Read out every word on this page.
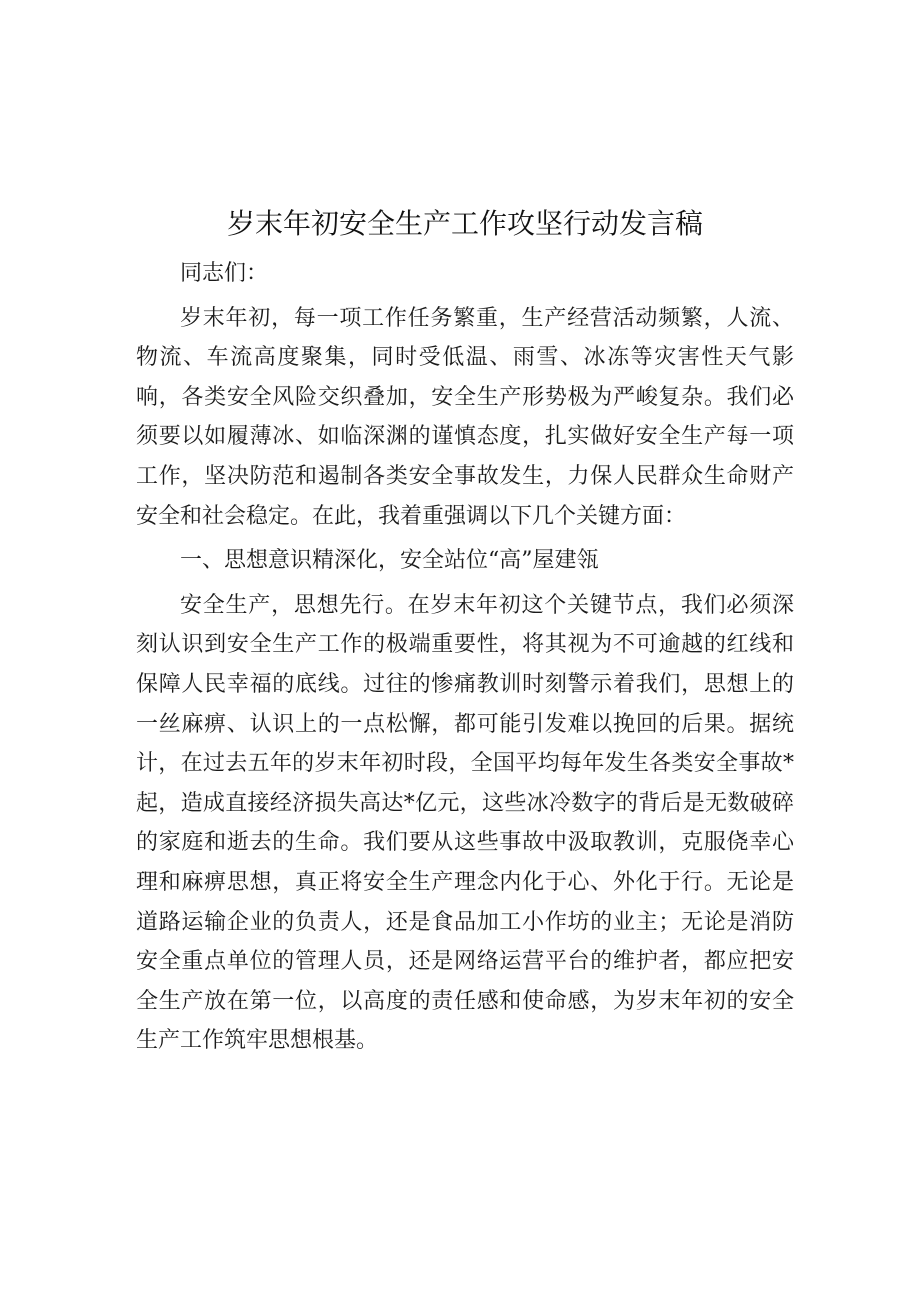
岁末年初安全生产工作攻坚行动发言稿

同志们：

岁末年初，每一项工作任务繁重，生产经营活动频繁，人流、物流、车流高度聚集，同时受低温、雨雪、冰冻等灾害性天气影响，各类安全风险交织叠加，安全生产形势极为严峻复杂。我们必须要以如履薄冰、如临深渊的谨慎态度，扎实做好安全生产每一项工作，坚决防范和遏制各类安全事故发生，力保人民群众生命财产安全和社会稳定。在此，我着重强调以下几个关键方面：

一、思想意识精深化，安全站位“高”屋建瓴

安全生产，思想先行。在岁末年初这个关键节点，我们必须深刻认识到安全生产工作的极端重要性，将其视为不可逾越的红线和保障人民幸福的底线。过往的惨痛教训时刻警示着我们，思想上的一丝麻痹、认识上的一点松懈，都可能引发难以挽回的后果。据统计，在过去五年的岁末年初时段，全国平均每年发生各类安全事故*起，造成直接经济损失高达*亿元，这些冰冷数字的背后是无数破碎的家庭和逝去的生命。我们要从这些事故中汲取教训，克服侥幸心理和麻痹思想，真正将安全生产理念内化于心、外化于行。无论是道路运输企业的负责人，还是食品加工小作坊的业主；无论是消防安全重点单位的管理人员，还是网络运营平台的维护者，都应把安全生产放在第一位，以高度的责任感和使命感，为岁末年初的安全生产工作筑牢思想根基。
